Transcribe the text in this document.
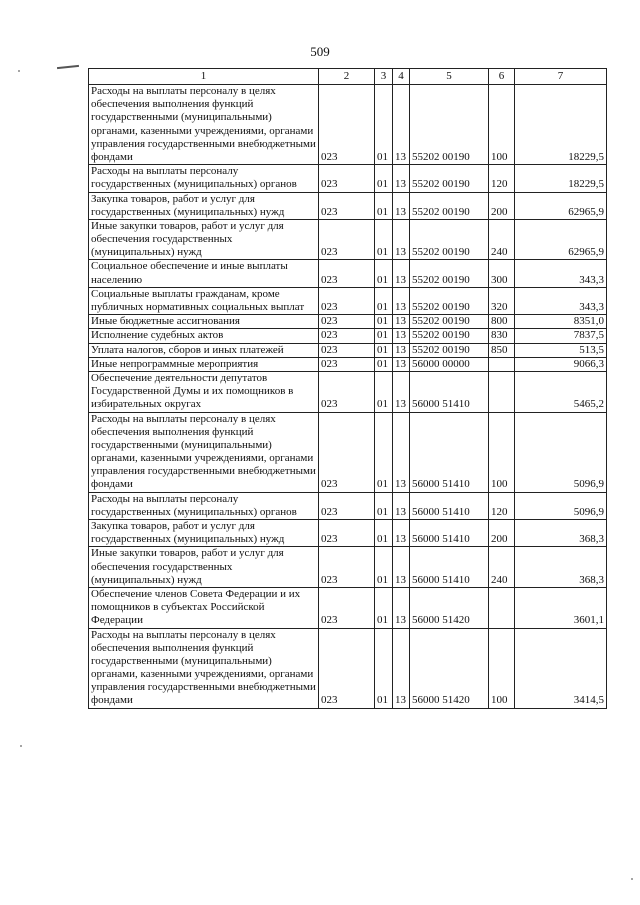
509
1	2	3	4	5	6	7
Расходы на выплаты персоналу в целях обеспечения выполнения функций государственными (муниципальными) органами, казенными учреждениями, органами управления государственными внебюджетными фондами	023	01	13	55202 00190	100	18229,5
Расходы на выплаты персоналу государственных (муниципальных) органов	023	01	13	55202 00190	120	18229,5
Закупка товаров, работ и услуг для государственных (муниципальных) нужд	023	01	13	55202 00190	200	62965,9
Иные закупки товаров, работ и услуг для обеспечения государственных (муниципальных) нужд	023	01	13	55202 00190	240	62965,9
Социальное обеспечение и иные выплаты населению	023	01	13	55202 00190	300	343,3
Социальные выплаты гражданам, кроме публичных нормативных социальных выплат	023	01	13	55202 00190	320	343,3
Иные бюджетные ассигнования	023	01	13	55202 00190	800	8351,0
Исполнение судебных актов	023	01	13	55202 00190	830	7837,5
Уплата налогов, сборов и иных платежей	023	01	13	55202 00190	850	513,5
Иные непрограммные мероприятия	023	01	13	56000 00000		9066,3
Обеспечение деятельности депутатов Государственной Думы и их помощников в избирательных округах	023	01	13	56000 51410		5465,2
Расходы на выплаты персоналу в целях обеспечения выполнения функций государственными (муниципальными) органами, казенными учреждениями, органами управления государственными внебюджетными фондами	023	01	13	56000 51410	100	5096,9
Расходы на выплаты персоналу государственных (муниципальных) органов	023	01	13	56000 51410	120	5096,9
Закупка товаров, работ и услуг для государственных (муниципальных) нужд	023	01	13	56000 51410	200	368,3
Иные закупки товаров, работ и услуг для обеспечения государственных (муниципальных) нужд	023	01	13	56000 51410	240	368,3
Обеспечение членов Совета Федерации и их помощников в субъектах Российской Федерации	023	01	13	56000 51420		3601,1
Расходы на выплаты персоналу в целях обеспечения выполнения функций государственными (муниципальными) органами, казенными учреждениями, органами управления государственными внебюджетными фондами	023	01	13	56000 51420	100	3414,5
